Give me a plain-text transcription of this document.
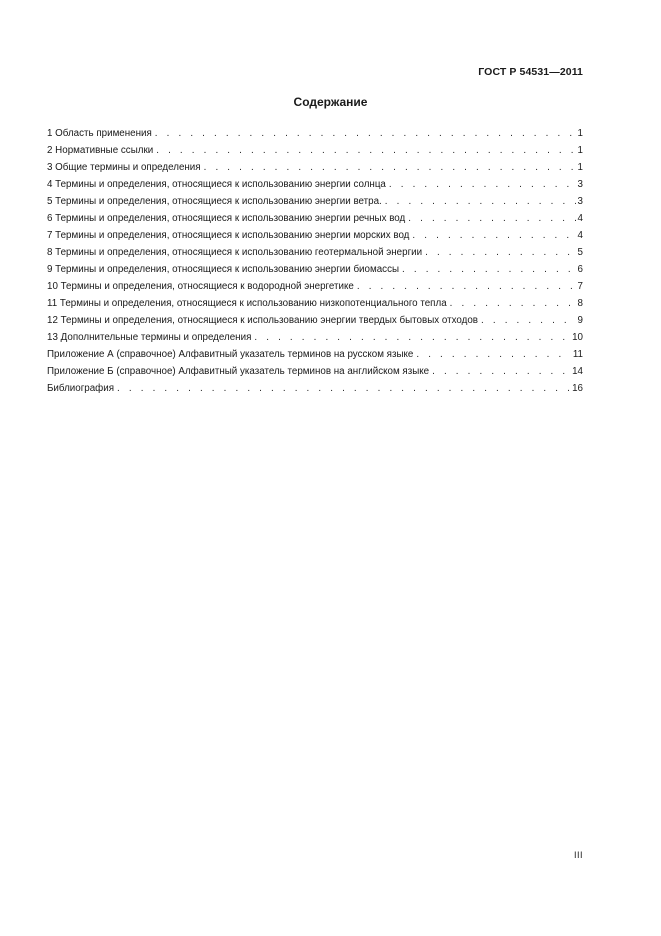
ГОСТ Р 54531—2011
Содержание
1 Область применения . . .	1
2 Нормативные ссылки . . .	1
3 Общие термины и определения . . .	1
4 Термины и определения, относящиеся к использованию энергии солнца . . .	3
5 Термины и определения, относящиеся к использованию энергии ветра. . . .	3
6 Термины и определения, относящиеся к использованию энергии речных вод . . .	4
7 Термины и определения, относящиеся к использованию энергии морских вод . . .	4
8 Термины и определения, относящиеся к использованию геотермальной энергии . . .	5
9 Термины и определения, относящиеся к использованию энергии биомассы . . .	6
10 Термины и определения, относящиеся к водородной энергетике . . .	7
11 Термины и определения, относящиеся к использованию низкопотенциального тепла . . .	8
12 Термины и определения, относящиеся к использованию энергии твердых бытовых отходов . . .	9
13 Дополнительные термины и определения . . .	10
Приложение А (справочное) Алфавитный указатель терминов на русском языке . . .	11
Приложение Б (справочное) Алфавитный указатель терминов на английском языке . . .	14
Библиография . . .	16
III
